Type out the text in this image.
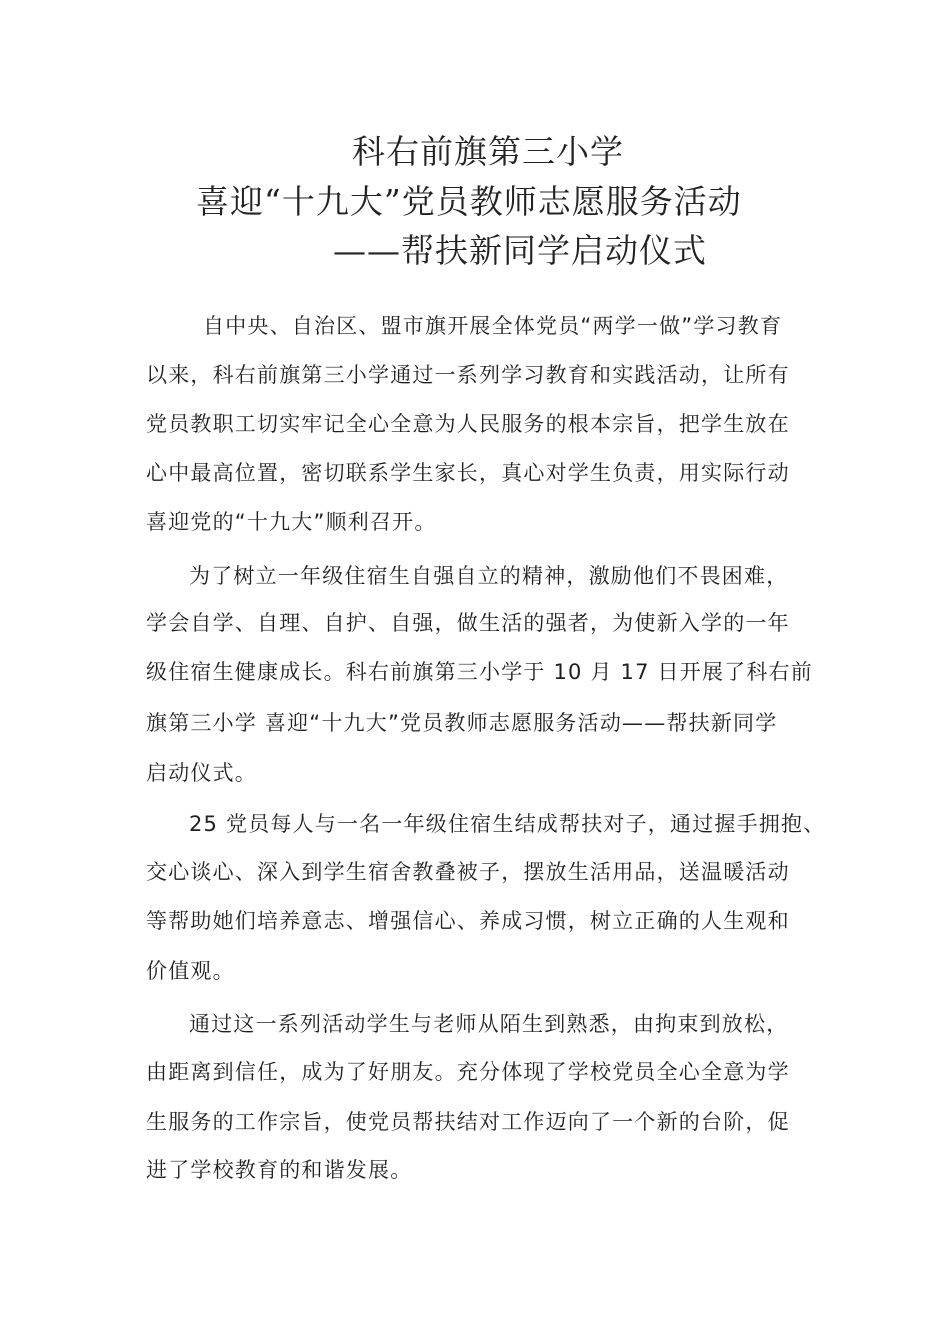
科右前旗第三小学
喜迎“十九大”党员教师志愿服务活动
——帮扶新同学启动仪式
自中央、自治区、盟市旗开展全体党员“两学一做”学习教育
以来，科右前旗第三小学通过一系列学习教育和实践活动，让所有
党员教职工切实牢记全心全意为人民服务的根本宗旨，把学生放在
心中最高位置，密切联系学生家长，真心对学生负责，用实际行动
喜迎党的“十九大”顺利召开。
为了树立一年级住宿生自强自立的精神，激励他们不畏困难，
学会自学、自理、自护、自强，做生活的强者，为使新入学的一年
级住宿生健康成长。科右前旗第三小学于 10 月 17 日开展了科右前
旗第三小学 喜迎“十九大”党员教师志愿服务活动——帮扶新同学
启动仪式。
25 党员每人与一名一年级住宿生结成帮扶对子，通过握手拥抱、
交心谈心、深入到学生宿舍教叠被子，摆放生活用品，送温暖活动
等帮助她们培养意志、增强信心、养成习惯，树立正确的人生观和
价值观。
通过这一系列活动学生与老师从陌生到熟悉，由拘束到放松，
由距离到信任，成为了好朋友。充分体现了学校党员全心全意为学
生服务的工作宗旨，使党员帮扶结对工作迈向了一个新的台阶，促
进了学校教育的和谐发展。
